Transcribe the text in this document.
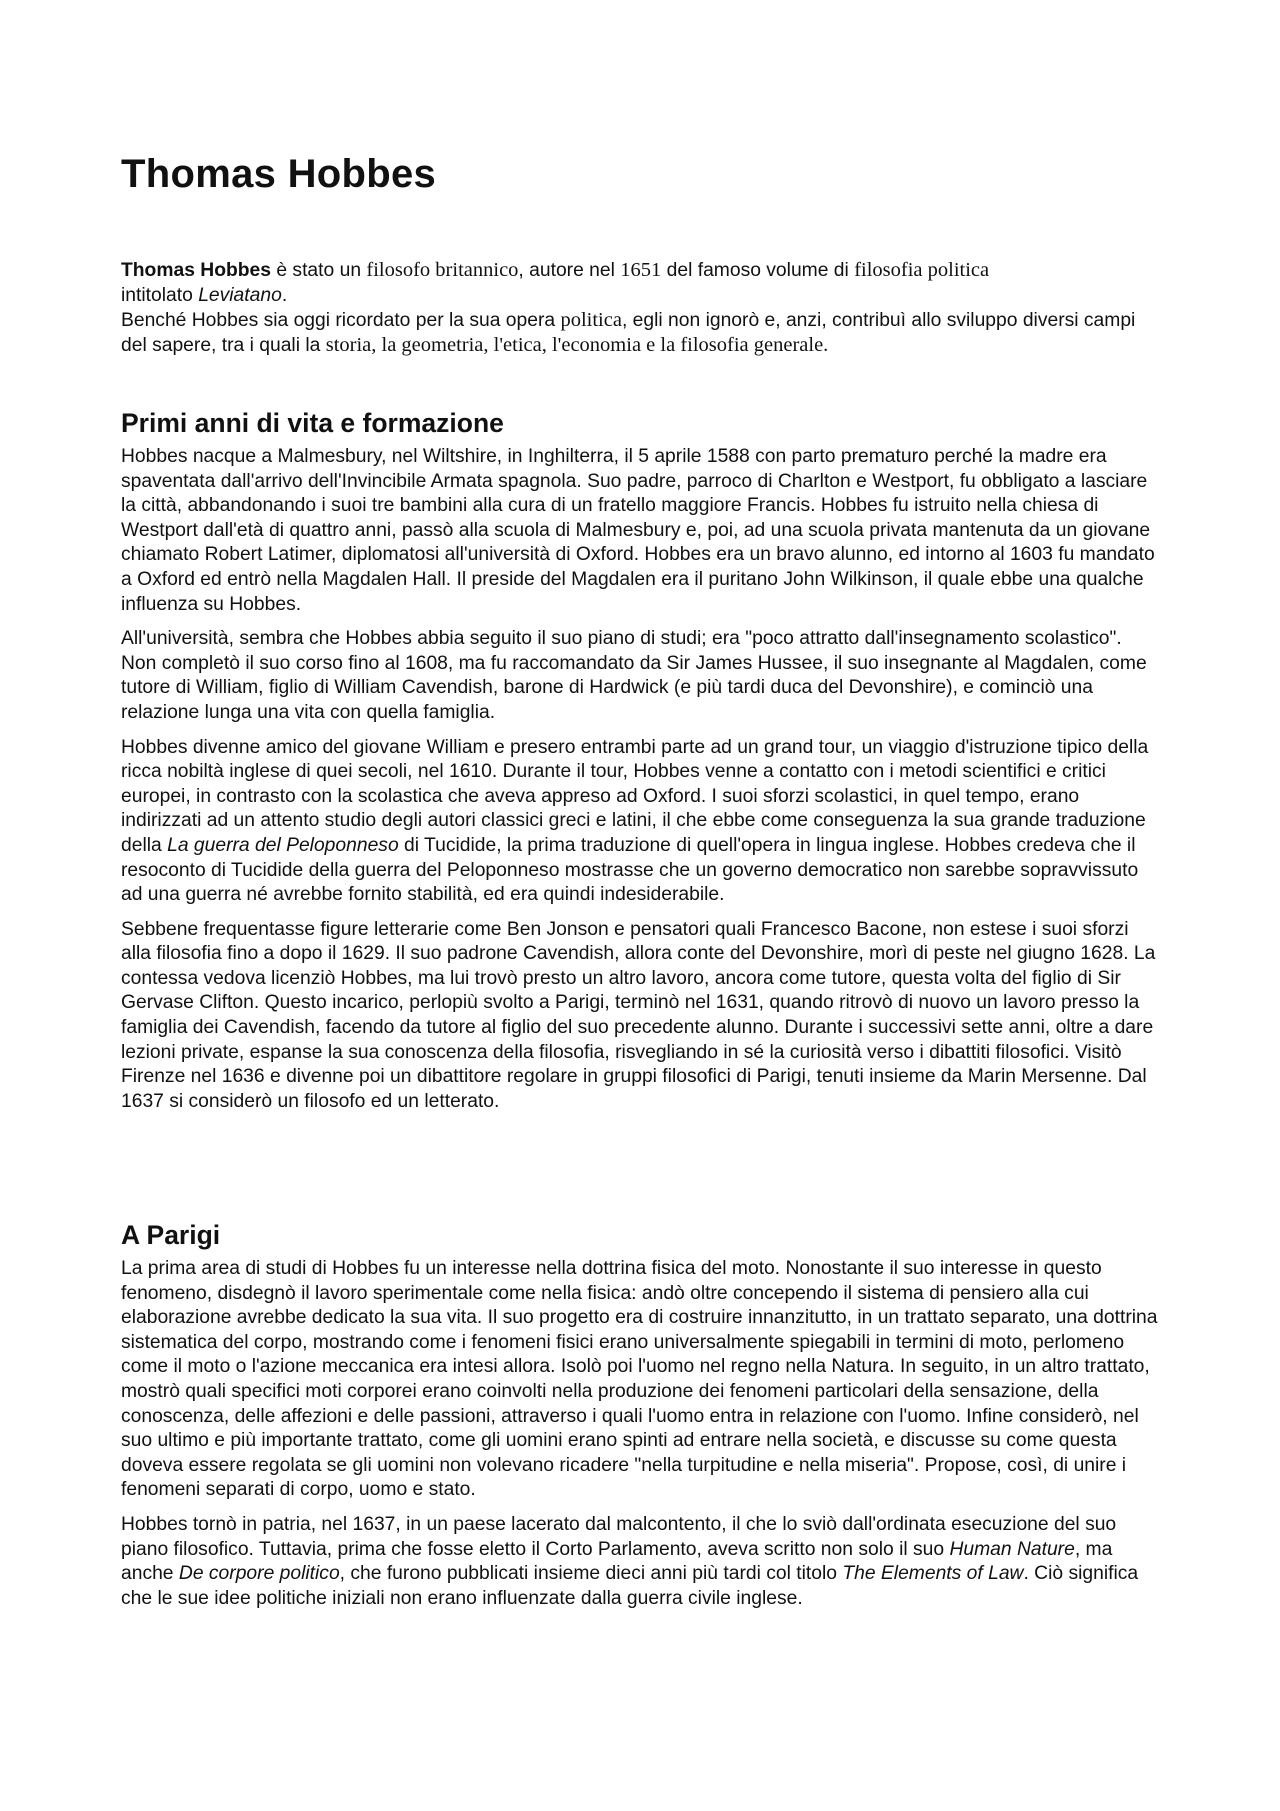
Thomas Hobbes

Thomas Hobbes è stato un filosofo britannico, autore nel 1651 del famoso volume di filosofia politica
intitolato Leviatano.

Benché Hobbes sia oggi ricordato per la sua opera politica, egli non ignorò e, anzi, contribuì allo sviluppo diversi campi del sapere, tra i quali la storia, la geometria, l'etica, l'economia e la filosofia generale.

Primi anni di vita e formazione

Hobbes nacque a Malmesbury, nel Wiltshire, in Inghilterra, il 5 aprile 1588 con parto prematuro perché la madre era spaventata dall'arrivo dell'Invincibile Armata spagnola. Suo padre, parroco di Charlton e Westport, fu obbligato a lasciare la città, abbandonando i suoi tre bambini alla cura di un fratello maggiore Francis. Hobbes fu istruito nella chiesa di Westport dall'età di quattro anni, passò alla scuola di Malmesbury e, poi, ad una scuola privata mantenuta da un giovane chiamato Robert Latimer, diplomatosi all'università di Oxford. Hobbes era un bravo alunno, ed intorno al 1603 fu mandato a Oxford ed entrò nella Magdalen Hall. Il preside del Magdalen era il puritano John Wilkinson, il quale ebbe una qualche influenza su Hobbes.

All'università, sembra che Hobbes abbia seguito il suo piano di studi; era "poco attratto dall'insegnamento scolastico". Non completò il suo corso fino al 1608, ma fu raccomandato da Sir James Hussee, il suo insegnante al Magdalen, come tutore di William, figlio di William Cavendish, barone di Hardwick (e più tardi duca del Devonshire), e cominciò una relazione lunga una vita con quella famiglia.

Hobbes divenne amico del giovane William e presero entrambi parte ad un grand tour, un viaggio d'istruzione tipico della ricca nobiltà inglese di quei secoli, nel 1610. Durante il tour, Hobbes venne a contatto con i metodi scientifici e critici europei, in contrasto con la scolastica che aveva appreso ad Oxford. I suoi sforzi scolastici, in quel tempo, erano indirizzati ad un attento studio degli autori classici greci e latini, il che ebbe come conseguenza la sua grande traduzione della La guerra del Peloponneso di Tucidide, la prima traduzione di quell'opera in lingua inglese. Hobbes credeva che il resoconto di Tucidide della guerra del Peloponneso mostrasse che un governo democratico non sarebbe sopravvissuto ad una guerra né avrebbe fornito stabilità, ed era quindi indesiderabile.

Sebbene frequentasse figure letterarie come Ben Jonson e pensatori quali Francesco Bacone, non estese i suoi sforzi alla filosofia fino a dopo il 1629. Il suo padrone Cavendish, allora conte del Devonshire, morì di peste nel giugno 1628. La contessa vedova licenziò Hobbes, ma lui trovò presto un altro lavoro, ancora come tutore, questa volta del figlio di Sir Gervase Clifton. Questo incarico, perlopiù svolto a Parigi, terminò nel 1631, quando ritrovò di nuovo un lavoro presso la famiglia dei Cavendish, facendo da tutore al figlio del suo precedente alunno. Durante i successivi sette anni, oltre a dare lezioni private, espanse la sua conoscenza della filosofia, risvegliando in sé la curiosità verso i dibattiti filosofici. Visitò Firenze nel 1636 e divenne poi un dibattitore regolare in gruppi filosofici di Parigi, tenuti insieme da Marin Mersenne. Dal 1637 si considerò un filosofo ed un letterato.

A Parigi

La prima area di studi di Hobbes fu un interesse nella dottrina fisica del moto. Nonostante il suo interesse in questo fenomeno, disdegnò il lavoro sperimentale come nella fisica: andò oltre concependo il sistema di pensiero alla cui elaborazione avrebbe dedicato la sua vita. Il suo progetto era di costruire innanzitutto, in un trattato separato, una dottrina sistematica del corpo, mostrando come i fenomeni fisici erano universalmente spiegabili in termini di moto, perlomeno come il moto o l'azione meccanica era intesi allora. Isolò poi l'uomo nel regno nella Natura. In seguito, in un altro trattato, mostrò quali specifici moti corporei erano coinvolti nella produzione dei fenomeni particolari della sensazione, della conoscenza, delle affezioni e delle passioni, attraverso i quali l'uomo entra in relazione con l'uomo. Infine considerò, nel suo ultimo e più importante trattato, come gli uomini erano spinti ad entrare nella società, e discusse su come questa doveva essere regolata se gli uomini non volevano ricadere "nella turpitudine e nella miseria". Propose, così, di unire i fenomeni separati di corpo, uomo e stato.

Hobbes tornò in patria, nel 1637, in un paese lacerato dal malcontento, il che lo sviò dall'ordinata esecuzione del suo piano filosofico. Tuttavia, prima che fosse eletto il Corto Parlamento, aveva scritto non solo il suo Human Nature, ma anche De corpore politico, che furono pubblicati insieme dieci anni più tardi col titolo The Elements of Law. Ciò significa che le sue idee politiche iniziali non erano influenzate dalla guerra civile inglese.
